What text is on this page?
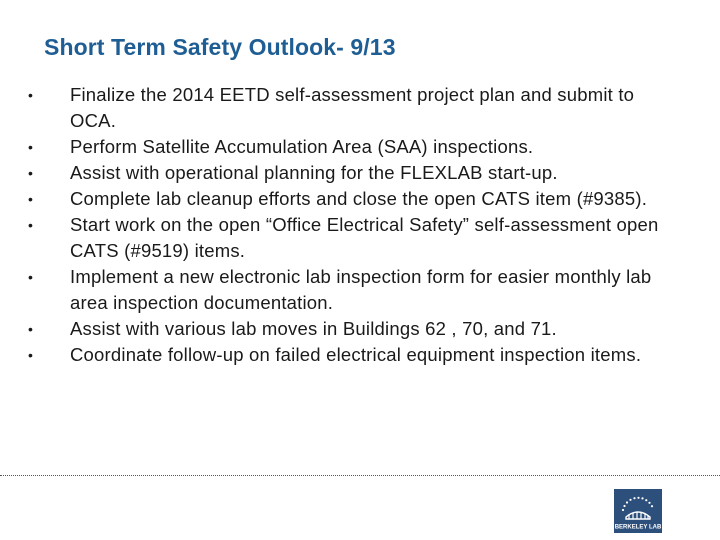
Short Term Safety Outlook- 9/13
•	Finalize the 2014 EETD self-assessment project plan and submit to OCA.
•	Perform Satellite Accumulation Area (SAA) inspections.
•	Assist with operational planning for the FLEXLAB start-up.
•	Complete lab cleanup efforts and close the open CATS item (#9385).
•	Start work on the open “Office Electrical Safety” self-assessment open CATS (#9519) items.
•	Implement a new electronic lab inspection form for easier monthly lab area inspection documentation.
•	Assist with various lab moves in Buildings 62 , 70, and 71.
•	Coordinate follow-up on failed electrical equipment inspection items.
BERKELEY LAB
